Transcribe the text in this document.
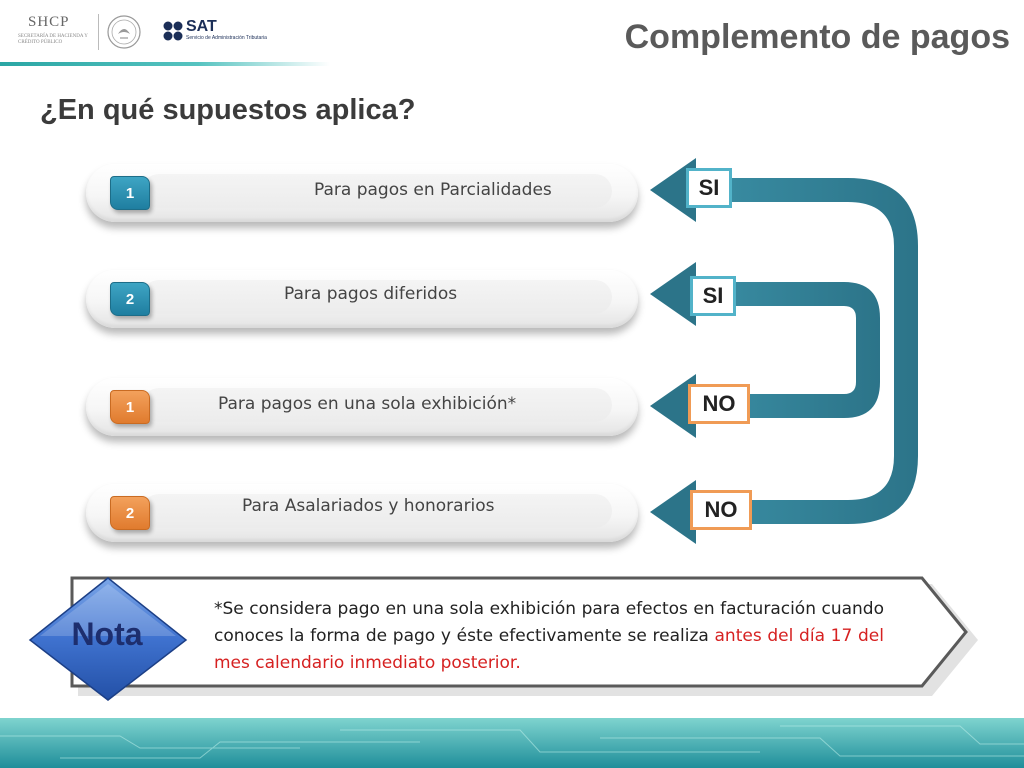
SHCP
SECRETARÍA DE HACIENDA Y CRÉDITO PÚBLICO
SAT
Servicio de Administración Tributaria	Complemento de pagos
¿En qué supuestos aplica?
1	Para pagos en Parcialidades
2	Para pagos diferidos
1	Para pagos en una sola exhibición*
2	Para Asalariados y honorarios
SI
SI
NO
NO
Nota
*Se considera pago en una sola exhibición para efectos en facturación cuando conoces la forma de pago y éste efectivamente se realiza antes del día 17 del mes calendario inmediato posterior.
